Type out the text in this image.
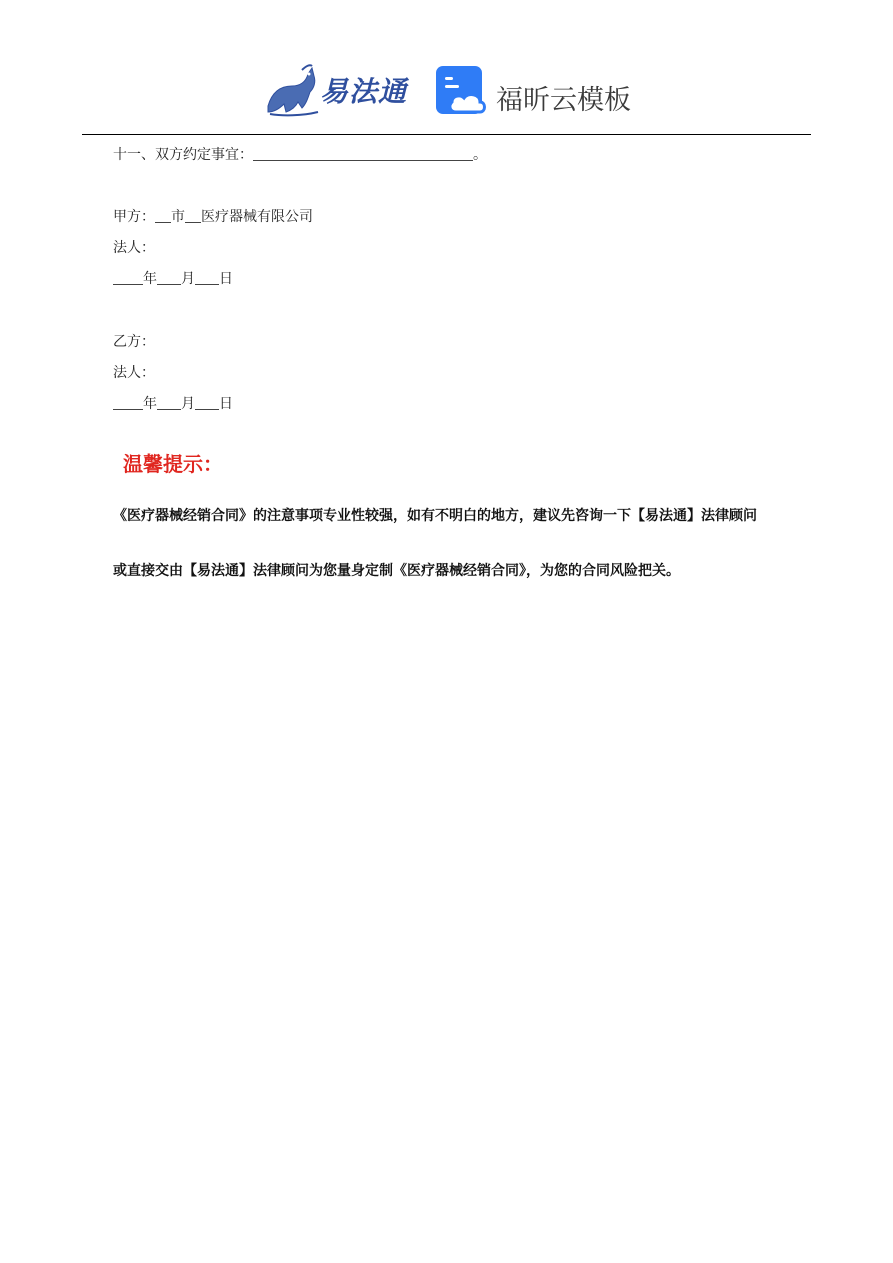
易法通	福昕云模板
十一、双方约定事宜：	。
甲方： 市 医疗器械有限公司
法人：
年 月 日
乙方：
法人：
年 月 日
温馨提示：
《医疗器械经销合同》的注意事项专业性较强，如有不明白的地方，建议先咨询一下【易法通】法律顾问
或直接交由【易法通】法律顾问为您量身定制《医疗器械经销合同》，为您的合同风险把关。
